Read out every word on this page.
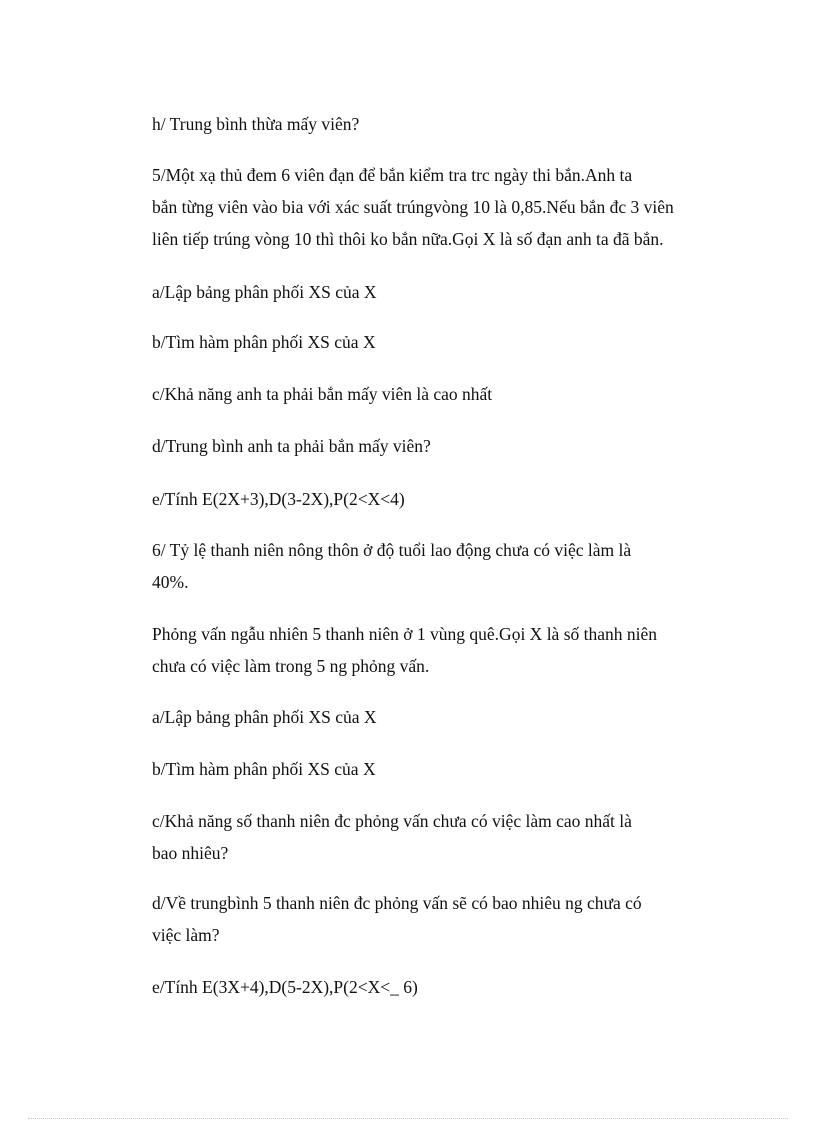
h/ Trung bình thừa mấy viên?

5/Một xạ thủ đem 6 viên đạn để bắn kiểm tra trc ngày thi bắn.Anh ta
bắn từng viên vào bia với xác suất trúngvòng 10 là 0,85.Nếu bắn đc 3 viên
liên tiếp trúng vòng 10 thì thôi ko bắn nữa.Gọi X là số đạn anh ta đã bắn.

a/Lập bảng phân phối XS của X

b/Tìm hàm phân phối XS của X

c/Khả năng anh ta phải bắn mấy viên là cao nhất

d/Trung bình anh ta phải bắn mấy viên?

e/Tính E(2X+3),D(3-2X),P(2<X<4)

6/ Tỷ lệ thanh niên nông thôn ở độ tuổi lao động chưa có việc làm là
40%.

Phỏng vấn ngẫu nhiên 5 thanh niên ở 1 vùng quê.Gọi X là số thanh niên
chưa có việc làm trong 5 ng phỏng vấn.

a/Lập bảng phân phối XS của X

b/Tìm hàm phân phối XS của X

c/Khả năng số thanh niên đc phỏng vấn chưa có việc làm cao nhất là
bao nhiêu?

d/Về trungbình 5 thanh niên đc phỏng vấn sẽ có bao nhiêu ng chưa có
việc làm?

e/Tính E(3X+4),D(5-2X),P(2<X<_ 6)
